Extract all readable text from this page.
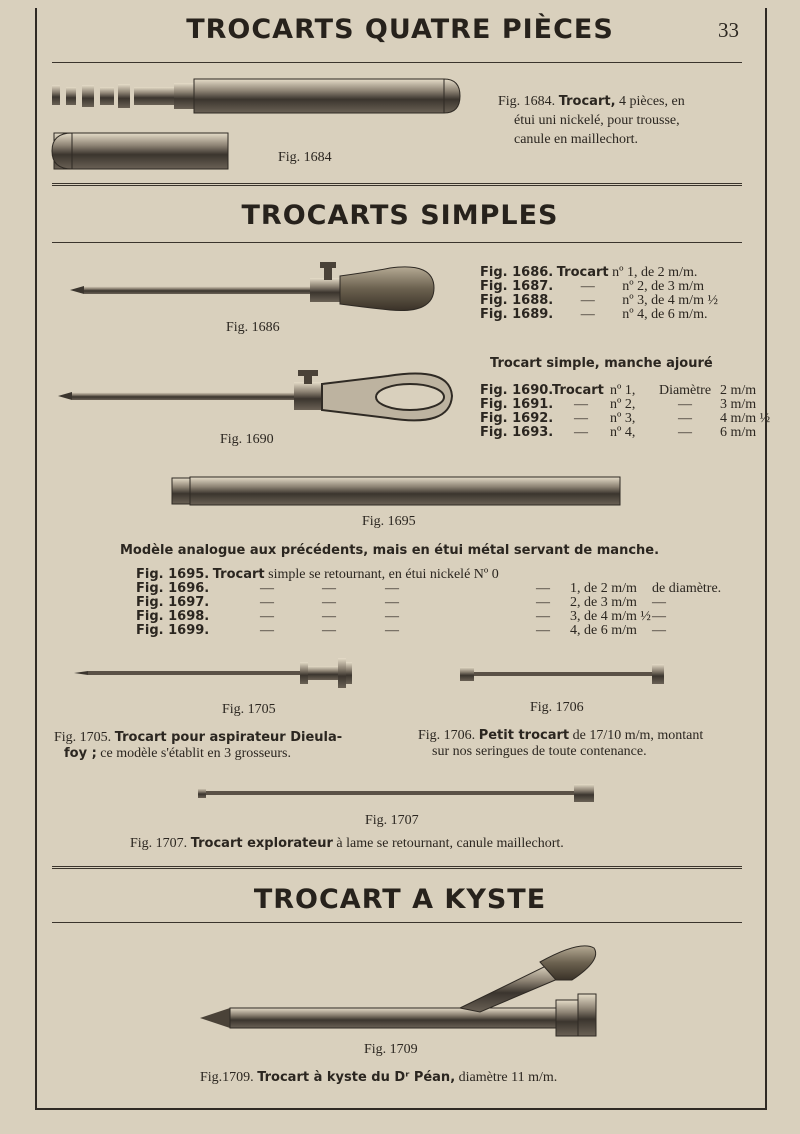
TROCARTS QUATRE PIÈCES	33
Fig. 1684
Fig. 1684. Trocart, 4 pièces, en
étui uni nickelé, pour trousse,
canule en maillechort.
TROCARTS SIMPLES
Fig. 1686
Fig. 1686. Trocart nº 1, de 2 m/m.
Fig. 1687. — nº 2, de 3 m/m
Fig. 1688. — nº 3, de 4 m/m ½
Fig. 1689. — nº 4, de 6 m/m.
Trocart simple, manche ajouré
Fig. 1690
Fig. 1690.Trocart nº 1, Diamètre 2 m/m
Fig. 1691. — nº 2,	— 3 m/m
Fig. 1692. — nº 3,	— 4 m/m ½
Fig. 1693. — nº 4,	— 6 m/m
Fig. 1695
Modèle analogue aux précédents, mais en étui métal servant de manche.
Fig. 1695. Trocart simple se retournant, en étui nickelé Nº 0
Fig. 1696.	—	—	—	— 1, de 2 m/m de diamètre.
Fig. 1697.	—	—	—	— 2, de 3 m/m —
Fig. 1698.	—	—	—	— 3, de 4 m/m ½—
Fig. 1699.	—	—	—	— 4, de 6 m/m —
Fig. 1705	Fig. 1706
Fig. 1705. Trocart pour aspirateur Dieula-
foy ; ce modèle s'établit en 3 grosseurs.
Fig. 1706. Petit trocart de 17/10 m/m, montant
sur nos seringues de toute contenance.
Fig. 1707
Fig. 1707. Trocart explorateur à lame se retournant, canule maillechort.
TROCART A KYSTE
Fig. 1709
Fig.1709. Trocart à kyste du Dʳ Péan, diamètre 11 m/m.
